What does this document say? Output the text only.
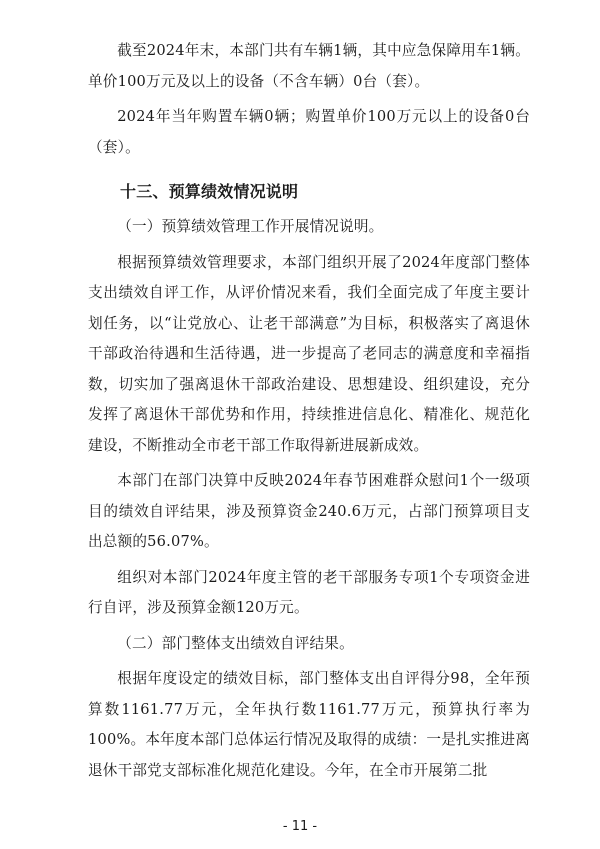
截至2024年末，本部门共有车辆1辆，其中应急保障用车1辆。单价100万元及以上的设备（不含车辆）0台（套）。

2024年当年购置车辆0辆；购置单价100万元以上的设备0台（套）。

十三、预算绩效情况说明

（一）预算绩效管理工作开展情况说明。

根据预算绩效管理要求，本部门组织开展了2024年度部门整体支出绩效自评工作，从评价情况来看，我们全面完成了年度主要计划任务，以“让党放心、让老干部满意”为目标，积极落实了离退休干部政治待遇和生活待遇，进一步提高了老同志的满意度和幸福指数，切实加了强离退休干部政治建设、思想建设、组织建设，充分发挥了离退休干部优势和作用，持续推进信息化、精准化、规范化建设，不断推动全市老干部工作取得新进展新成效。

本部门在部门决算中反映2024年春节困难群众慰问1个一级项目的绩效自评结果，涉及预算资金240.6万元，占部门预算项目支出总额的56.07%。

组织对本部门2024年度主管的老干部服务专项1个专项资金进行自评，涉及预算金额120万元。

（二）部门整体支出绩效自评结果。

根据年度设定的绩效目标，部门整体支出自评得分98，全年预算数1161.77万元，全年执行数1161.77万元，预算执行率为100%。本年度本部门总体运行情况及取得的成绩：一是扎实推进离退休干部党支部标准化规范化建设。今年，在全市开展第二批

- 11 -
